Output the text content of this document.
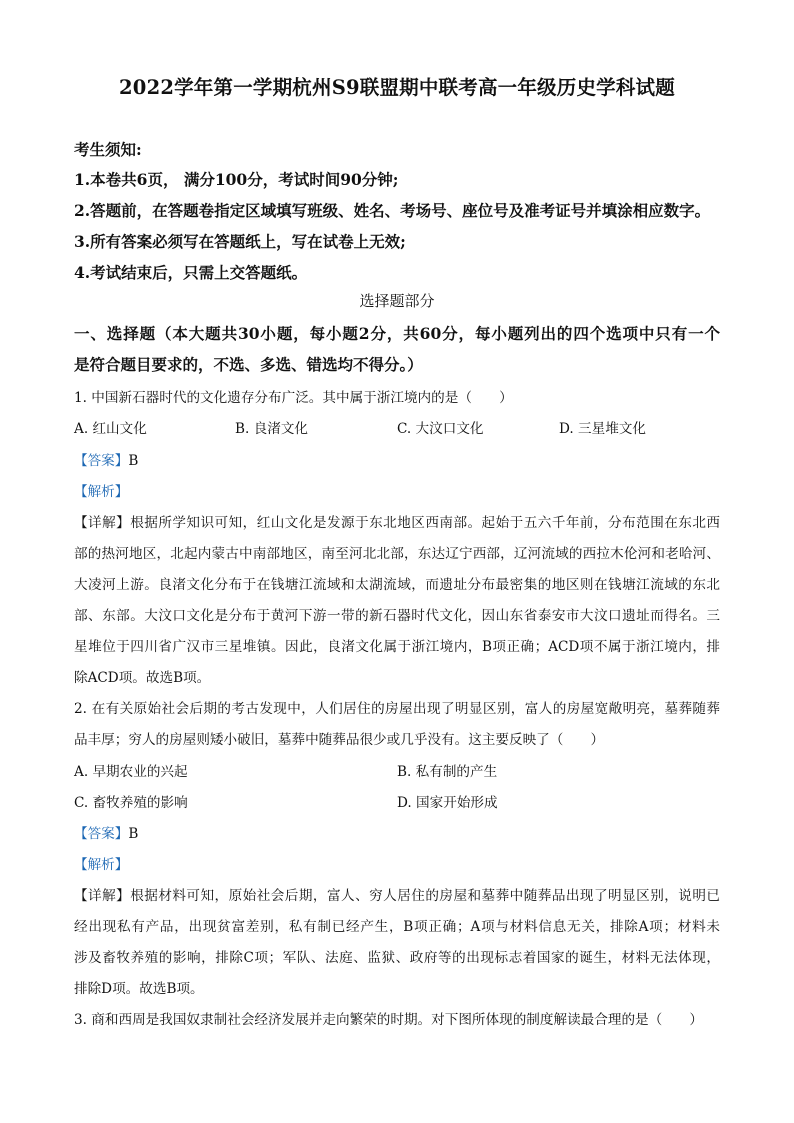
2022学年第一学期杭州S9联盟期中联考高一年级历史学科试题
考生须知:
1.本卷共6页， 满分100分，考试时间90分钟;
2.答题前，在答题卷指定区域填写班级、姓名、考场号、座位号及准考证号并填涂相应数字。
3.所有答案必须写在答题纸上，写在试卷上无效;
4.考试结束后，只需上交答题纸。
选择题部分
一、选择题（本大题共30小题，每小题2分，共60分，每小题列出的四个选项中只有一个
是符合题目要求的，不选、多选、错选均不得分。）
1. 中国新石器时代的文化遗存分布广泛。其中属于浙江境内的是（　　）
A. 红山文化	B. 良渚文化	C. 大汶口文化	D. 三星堆文化
【答案】B
【解析】
【详解】根据所学知识可知，红山文化是发源于东北地区西南部。起始于五六千年前，分布范围在东北西
部的热河地区，北起内蒙古中南部地区，南至河北北部，东达辽宁西部，辽河流域的西拉木伦河和老哈河、
大凌河上游。良渚文化分布于在钱塘江流域和太湖流域，而遗址分布最密集的地区则在钱塘江流域的东北
部、东部。大汶口文化是分布于黄河下游一带的新石器时代文化，因山东省泰安市大汶口遗址而得名。三
星堆位于四川省广汉市三星堆镇。因此，良渚文化属于浙江境内，B项正确；ACD项不属于浙江境内，排
除ACD项。故选B项。
2. 在有关原始社会后期的考古发现中，人们居住的房屋出现了明显区别，富人的房屋宽敞明亮，墓葬随葬
品丰厚；穷人的房屋则矮小破旧，墓葬中随葬品很少或几乎没有。这主要反映了（　　）
A. 早期农业的兴起	B. 私有制的产生
C. 畜牧养殖的影响	D. 国家开始形成
【答案】B
【解析】
【详解】根据材料可知，原始社会后期，富人、穷人居住的房屋和墓葬中随葬品出现了明显区别，说明已
经出现私有产品，出现贫富差别，私有制已经产生，B项正确；A项与材料信息无关，排除A项；材料未
涉及畜牧养殖的影响，排除C项；军队、法庭、监狱、政府等的出现标志着国家的诞生，材料无法体现，
排除D项。故选B项。
3. 商和西周是我国奴隶制社会经济发展并走向繁荣的时期。对下图所体现的制度解读最合理的是（　　）
